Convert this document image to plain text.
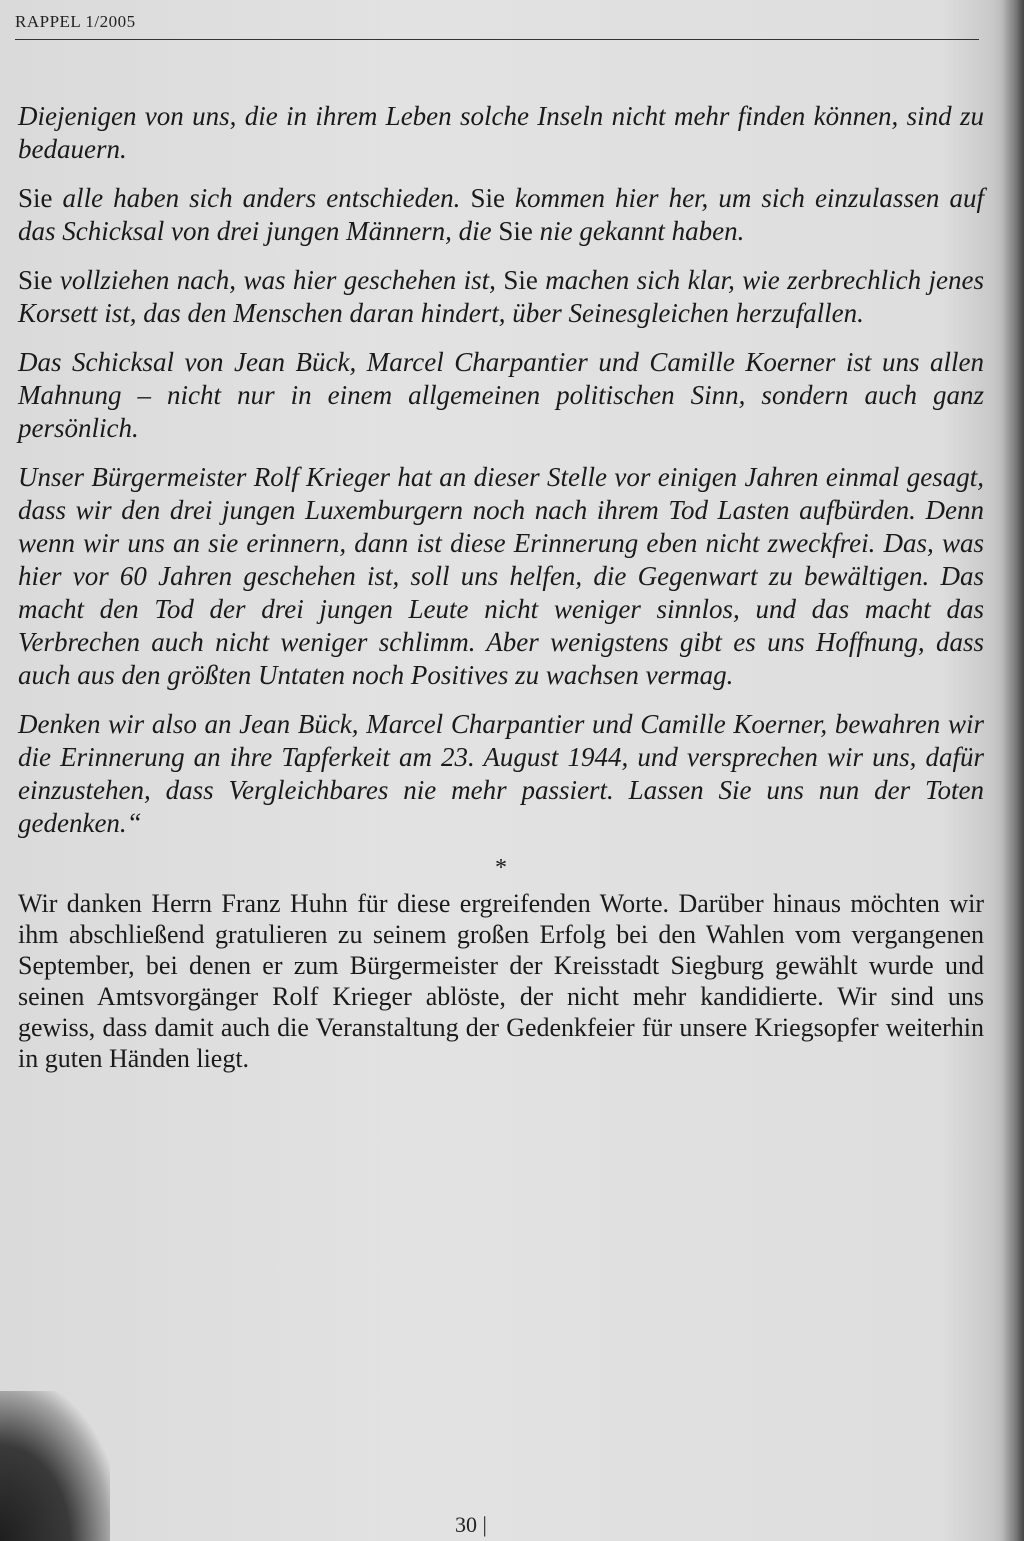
RAPPEL 1/2005

Diejenigen von uns, die in ihrem Leben solche Inseln nicht mehr finden können, sind zu bedauern.

Sie alle haben sich anders entschieden. Sie kommen hier her, um sich einzulassen auf das Schicksal von drei jungen Männern, die Sie nie gekannt haben.

Sie vollziehen nach, was hier geschehen ist, Sie machen sich klar, wie zerbrechlich jenes Korsett ist, das den Menschen daran hindert, über Seinesgleichen herzufallen.

Das Schicksal von Jean Bück, Marcel Charpantier und Camille Koerner ist uns allen Mahnung – nicht nur in einem allgemeinen politischen Sinn, sondern auch ganz persönlich.

Unser Bürgermeister Rolf Krieger hat an dieser Stelle vor einigen Jahren einmal gesagt, dass wir den drei jungen Luxemburgern noch nach ihrem Tod Lasten aufbürden. Denn wenn wir uns an sie erinnern, dann ist diese Erinnerung eben nicht zweckfrei. Das, was hier vor 60 Jahren geschehen ist, soll uns helfen, die Gegenwart zu bewältigen. Das macht den Tod der drei jungen Leute nicht weniger sinnlos, und das macht das Verbrechen auch nicht weniger schlimm. Aber wenigstens gibt es uns Hoffnung, dass auch aus den größten Untaten noch Positives zu wachsen vermag.

Denken wir also an Jean Bück, Marcel Charpantier und Camille Koerner, bewahren wir die Erinnerung an ihre Tapferkeit am 23. August 1944, und versprechen wir uns, dafür einzustehen, dass Vergleichbares nie mehr passiert. Lassen Sie uns nun der Toten gedenken.“

*

Wir danken Herrn Franz Huhn für diese ergreifenden Worte. Darüber hinaus möchten wir ihm abschließend gratulieren zu seinem großen Erfolg bei den Wahlen vom vergangenen September, bei denen er zum Bürgermeister der Kreisstadt Siegburg gewählt wurde und seinen Amtsvorgänger Rolf Krieger ablöste, der nicht mehr kandidierte. Wir sind uns gewiss, dass damit auch die Veranstaltung der Gedenkfeier für unsere Kriegsopfer weiterhin in guten Händen liegt.

30 |
